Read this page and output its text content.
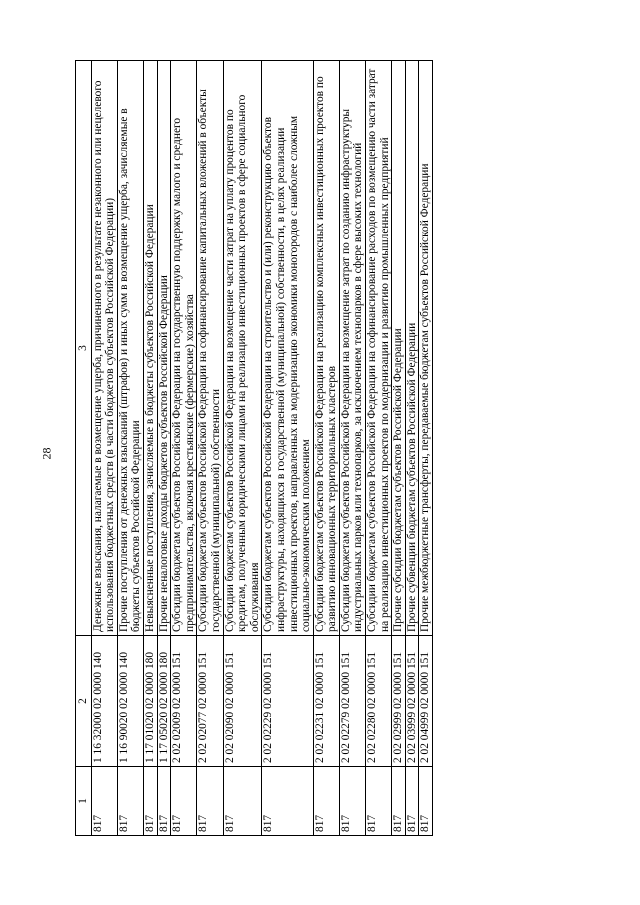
28
1	2	3
817	1 16 32000 02 0000 140	Денежные взыскания, налагаемые в возмещение ущерба, причиненного в результате незаконного или нецелевого использования бюджетных средств (в части бюджетов субъектов Российской Федерации)
817	1 16 90020 02 0000 140	Прочие поступления от денежных взысканий (штрафов) и иных сумм в возмещение ущерба, зачисляемые в бюджеты субъектов Российской Федерации
817	1 17 01020 02 0000 180	Невыясненные поступления, зачисляемые в бюджеты субъектов Российской Федерации
817	1 17 05020 02 0000 180	Прочие неналоговые доходы бюджетов субъектов Российской Федерации
817	2 02 02009 02 0000 151	Субсидии бюджетам субъектов Российской Федерации на государственную поддержку малого и среднего предпринимательства, включая крестьянские (фермерские) хозяйства
817	2 02 02077 02 0000 151	Субсидии бюджетам субъектов Российской Федерации на софинансирование капитальных вложений в объекты государственной (муниципальной) собственности
817	2 02 02090 02 0000 151	Субсидии бюджетам субъектов Российской Федерации на возмещение части затрат на уплату процентов по кредитам, полученным юридическими лицами на реализацию инвестиционных проектов в сфере социального обслуживания
817	2 02 02229 02 0000 151	Субсидии бюджетам субъектов Российской Федерации на строительство и (или) реконструкцию объектов инфраструктуры, находящихся в государственной (муниципальной) собственности, в целях реализации инвестиционных проектов, направленных на модернизацию экономики моногородов с наиболее сложным социально-экономическим положением
817	2 02 02231 02 0000 151	Субсидии бюджетам субъектов Российской Федерации на реализацию комплексных инвестиционных проектов по развитию инновационных территориальных кластеров
817	2 02 02279 02 0000 151	Субсидии бюджетам субъектов Российской Федерации на возмещение затрат по созданию инфраструктуры индустриальных парков или технопарков, за исключением технопарков в сфере высоких технологий
817	2 02 02280 02 0000 151	Субсидии бюджетам субъектов Российской Федерации на софинансирование расходов по возмещению части затрат на реализацию инвестиционных проектов по модернизации и развитию промышленных предприятий
817	2 02 02999 02 0000 151	Прочие субсидии бюджетам субъектов Российской Федерации
817	2 02 03999 02 0000 151	Прочие субвенции бюджетам субъектов Российской Федерации
817	2 02 04999 02 0000 151	Прочие межбюджетные трансферты, передаваемые бюджетам субъектов Российской Федерации
